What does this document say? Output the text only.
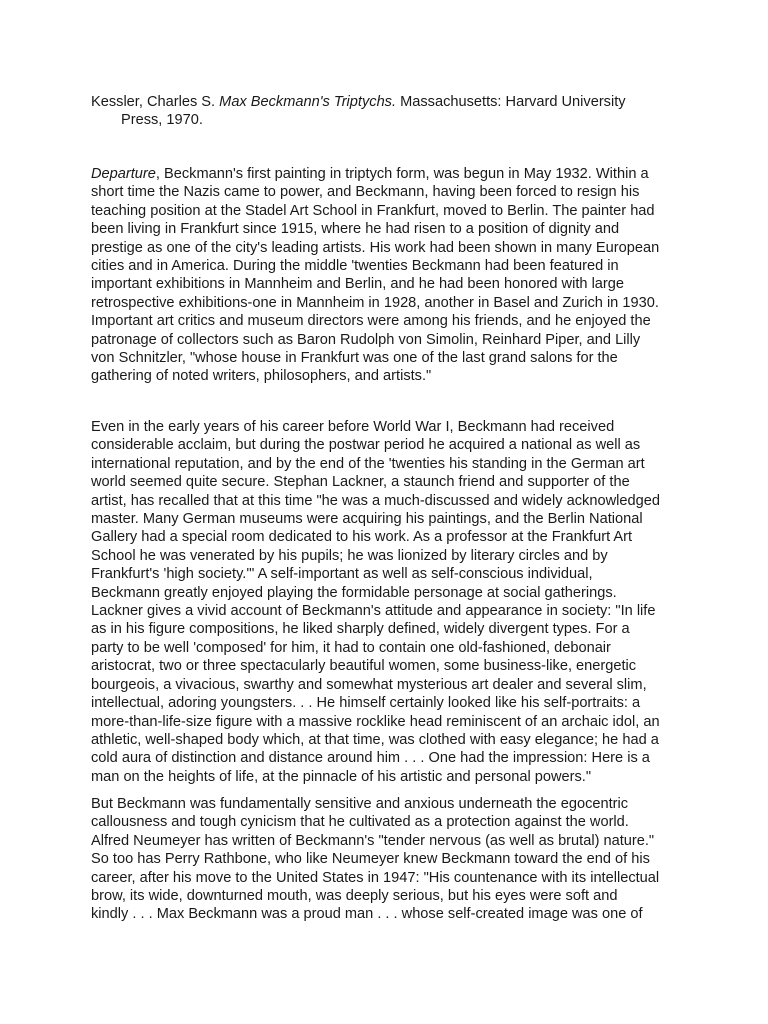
Kessler, Charles S. Max Beckmann's Triptychs. Massachusetts: Harvard University
Press, 1970.
Departure, Beckmann's first painting in triptych form, was begun in May 1932. Within a
short time the Nazis came to power, and Beckmann, having been forced to resign his
teaching position at the Stadel Art School in Frankfurt, moved to Berlin. The painter had
been living in Frankfurt since 1915, where he had risen to a position of dignity and
prestige as one of the city's leading artists. His work had been shown in many European
cities and in America. During the middle 'twenties Beckmann had been featured in
important exhibitions in Mannheim and Berlin, and he had been honored with large
retrospective exhibitions-one in Mannheim in 1928, another in Basel and Zurich in 1930.
Important art critics and museum directors were among his friends, and he enjoyed the
patronage of collectors such as Baron Rudolph von Simolin, Reinhard Piper, and Lilly
von Schnitzler, "whose house in Frankfurt was one of the last grand salons for the
gathering of noted writers, philosophers, and artists."
Even in the early years of his career before World War I, Beckmann had received
considerable acclaim, but during the postwar period he acquired a national as well as
international reputation, and by the end of the 'twenties his standing in the German art
world seemed quite secure. Stephan Lackner, a staunch friend and supporter of the
artist, has recalled that at this time "he was a much-discussed and widely acknowledged
master. Many German museums were acquiring his paintings, and the Berlin National
Gallery had a special room dedicated to his work. As a professor at the Frankfurt Art
School he was venerated by his pupils; he was lionized by literary circles and by
Frankfurt's 'high society.'" A self-important as well as self-conscious individual,
Beckmann greatly enjoyed playing the formidable personage at social gatherings.
Lackner gives a vivid account of Beckmann's attitude and appearance in society: "In life
as in his figure compositions, he liked sharply defined, widely divergent types. For a
party to be well 'composed' for him, it had to contain one old-fashioned, debonair
aristocrat, two or three spectacularly beautiful women, some business-like, energetic
bourgeois, a vivacious, swarthy and somewhat mysterious art dealer and several slim,
intellectual, adoring youngsters. . . He himself certainly looked like his self-portraits: a
more-than-life-size figure with a massive rocklike head reminiscent of an archaic idol, an
athletic, well-shaped body which, at that time, was clothed with easy elegance; he had a
cold aura of distinction and distance around him . . . One had the impression: Here is a
man on the heights of life, at the pinnacle of his artistic and personal powers."
But Beckmann was fundamentally sensitive and anxious underneath the egocentric
callousness and tough cynicism that he cultivated as a protection against the world.
Alfred Neumeyer has written of Beckmann's "tender nervous (as well as brutal) nature."
So too has Perry Rathbone, who like Neumeyer knew Beckmann toward the end of his
career, after his move to the United States in 1947: "His countenance with its intellectual
brow, its wide, downturned mouth, was deeply serious, but his eyes were soft and
kindly . . . Max Beckmann was a proud man . . . whose self-created image was one of
